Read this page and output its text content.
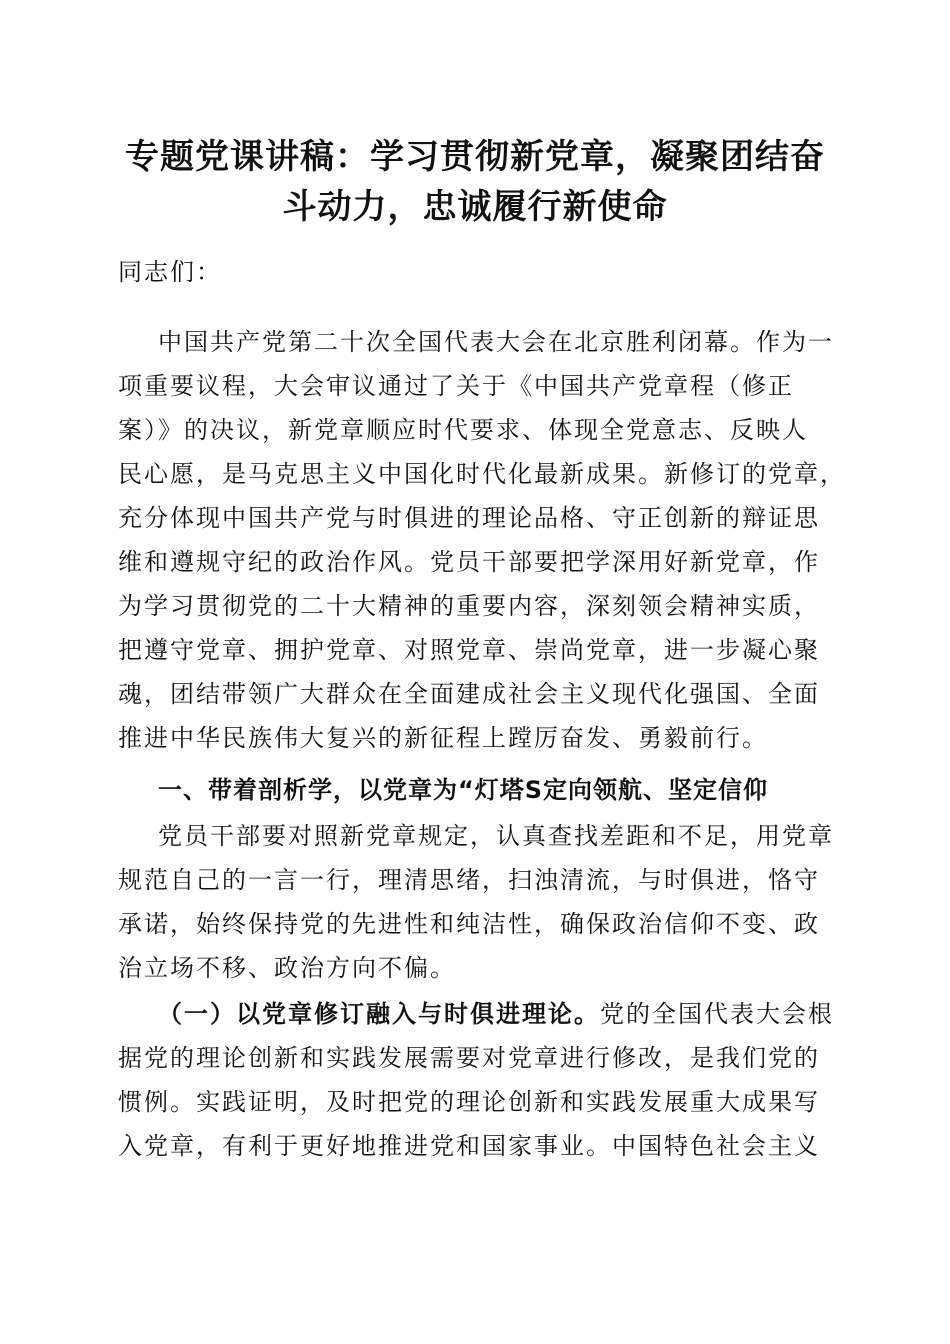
专题党课讲稿：学习贯彻新党章，凝聚团结奋
斗动力，忠诚履行新使命
同志们：
中国共产党第二十次全国代表大会在北京胜利闭幕。作为一
项重要议程，大会审议通过了关于《中国共产党章程（修正
案）》的决议，新党章顺应时代要求、体现全党意志、反映人
民心愿，是马克思主义中国化时代化最新成果。新修订的党章，
充分体现中国共产党与时俱进的理论品格、守正创新的辩证思
维和遵规守纪的政治作风。党员干部要把学深用好新党章，作
为学习贯彻党的二十大精神的重要内容，深刻领会精神实质，
把遵守党章、拥护党章、对照党章、崇尚党章，进一步凝心聚
魂，团结带领广大群众在全面建成社会主义现代化强国、全面
推进中华民族伟大复兴的新征程上蹚厉奋发、勇毅前行。
一、带着剖析学，以党章为“灯塔S定向领航、坚定信仰
党员干部要对照新党章规定，认真查找差距和不足，用党章
规范自己的一言一行，理清思绪，扫浊清流，与时俱进，恪守
承诺，始终保持党的先进性和纯洁性，确保政治信仰不变、政
治立场不移、政治方向不偏。
（一）以党章修订融入与时俱进理论。党的全国代表大会根
据党的理论创新和实践发展需要对党章进行修改，是我们党的
惯例。实践证明，及时把党的理论创新和实践发展重大成果写
入党章，有利于更好地推进党和国家事业。中国特色社会主义
